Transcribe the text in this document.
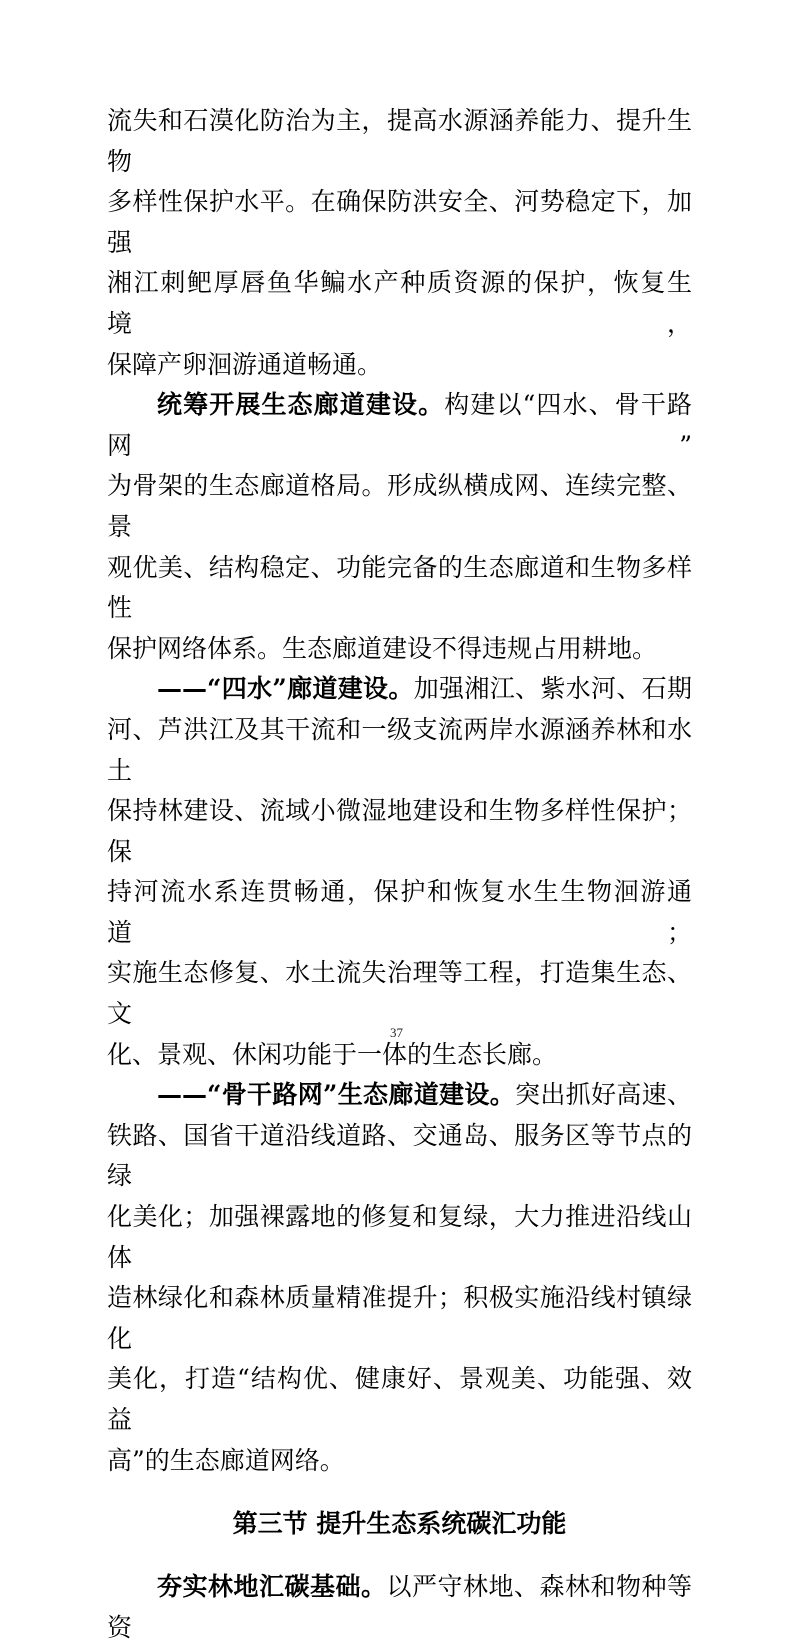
流失和石漠化防治为主，提高水源涵养能力、提升生物

多样性保护水平。在确保防洪安全、河势稳定下，加强

湘江刺鲃厚唇鱼华鳊水产种质资源的保护，恢复生境，

保障产卵洄游通道畅通。

统筹开展生态廊道建设。构建以“四水、骨干路网”

为骨架的生态廊道格局。形成纵横成网、连续完整、景

观优美、结构稳定、功能完备的生态廊道和生物多样性

保护网络体系。生态廊道建设不得违规占用耕地。

——“四水”廊道建设。加强湘江、紫水河、石期

河、芦洪江及其干流和一级支流两岸水源涵养林和水土

保持林建设、流域小微湿地建设和生物多样性保护；保

持河流水系连贯畅通，保护和恢复水生生物洄游通道；

实施生态修复、水土流失治理等工程，打造集生态、文

化、景观、休闲功能于一体的生态长廊。

——“骨干路网”生态廊道建设。突出抓好高速、

铁路、国省干道沿线道路、交通岛、服务区等节点的绿

化美化；加强裸露地的修复和复绿，大力推进沿线山体

造林绿化和森林质量精准提升；积极实施沿线村镇绿化

美化，打造“结构优、健康好、景观美、功能强、效益

高”的生态廊道网络。

第三节 提升生态系统碳汇功能

夯实林地汇碳基础。以严守林地、森林和物种等资

37
